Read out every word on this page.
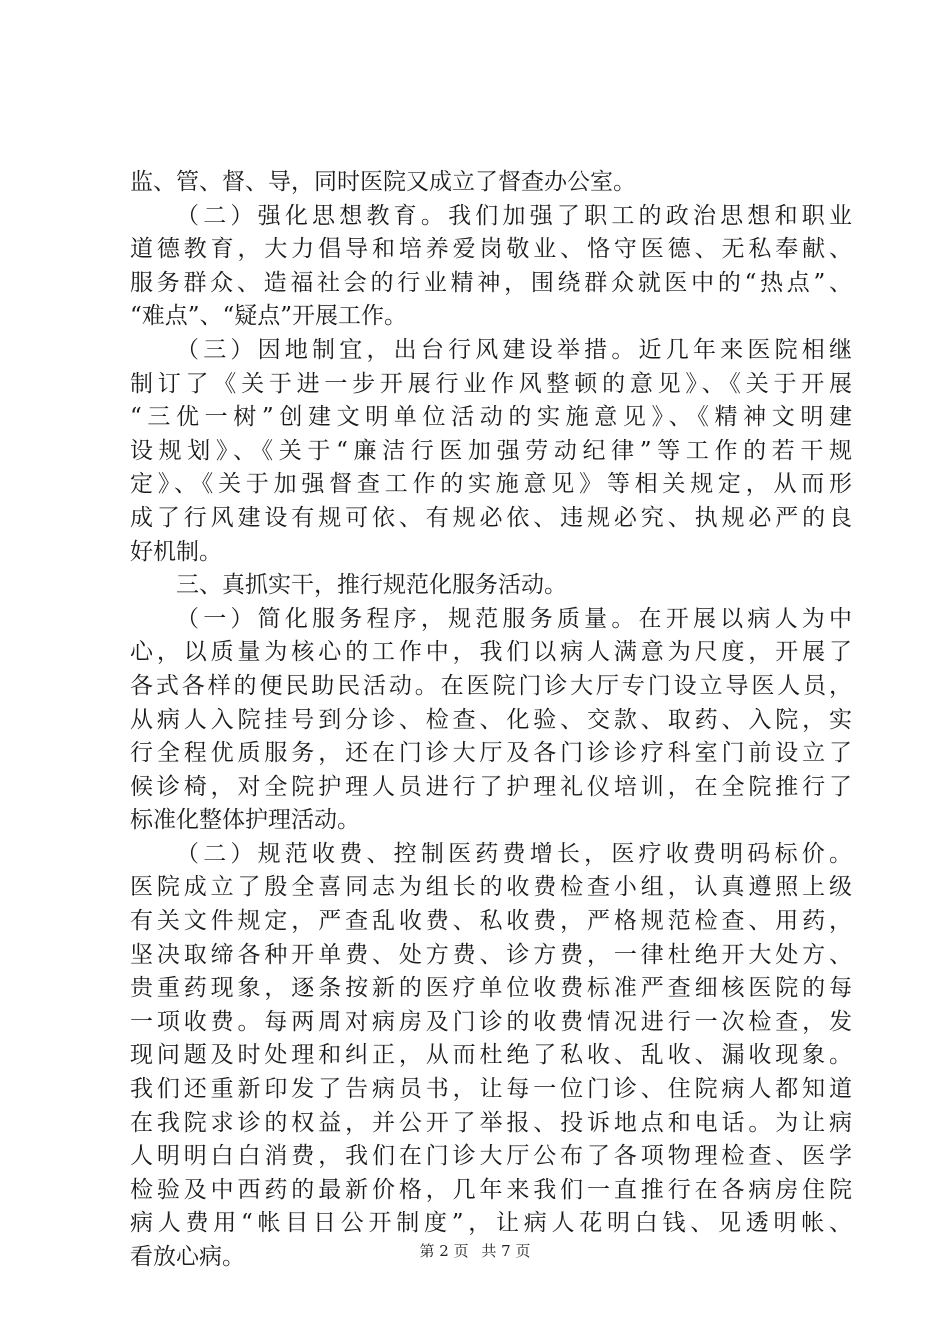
监、管、督、导，同时医院又成立了督查办公室。
（二）强化思想教育。我们加强了职工的政治思想和职业
道德教育，大力倡导和培养爱岗敬业、恪守医德、无私奉献、
服务群众、造福社会的行业精神，围绕群众就医中的“热点”、
“难点”、“疑点”开展工作。
（三）因地制宜，出台行风建设举措。近几年来医院相继
制订了《关于进一步开展行业作风整顿的意见》、《关于开展
“三优一树”创建文明单位活动的实施意见》、《精神文明建
设规划》、《关于“廉洁行医加强劳动纪律”等工作的若干规
定》、《关于加强督查工作的实施意见》等相关规定，从而形
成了行风建设有规可依、有规必依、违规必究、执规必严的良
好机制。
三、真抓实干，推行规范化服务活动。
（一）简化服务程序，规范服务质量。在开展以病人为中
心，以质量为核心的工作中，我们以病人满意为尺度，开展了
各式各样的便民助民活动。在医院门诊大厅专门设立导医人员，
从病人入院挂号到分诊、检查、化验、交款、取药、入院，实
行全程优质服务，还在门诊大厅及各门诊诊疗科室门前设立了
候诊椅，对全院护理人员进行了护理礼仪培训，在全院推行了
标准化整体护理活动。
（二）规范收费、控制医药费增长，医疗收费明码标价。
医院成立了殷全喜同志为组长的收费检查小组，认真遵照上级
有关文件规定，严查乱收费、私收费，严格规范检查、用药，
坚决取缔各种开单费、处方费、诊方费，一律杜绝开大处方、
贵重药现象，逐条按新的医疗单位收费标准严查细核医院的每
一项收费。每两周对病房及门诊的收费情况进行一次检查，发
现问题及时处理和纠正，从而杜绝了私收、乱收、漏收现象。
我们还重新印发了告病员书，让每一位门诊、住院病人都知道
在我院求诊的权益，并公开了举报、投诉地点和电话。为让病
人明明白白消费，我们在门诊大厅公布了各项物理检查、医学
检验及中西药的最新价格，几年来我们一直推行在各病房住院
病人费用“帐目日公开制度”，让病人花明白钱、见透明帐、
看放心病。	第 2 页 共 7 页
